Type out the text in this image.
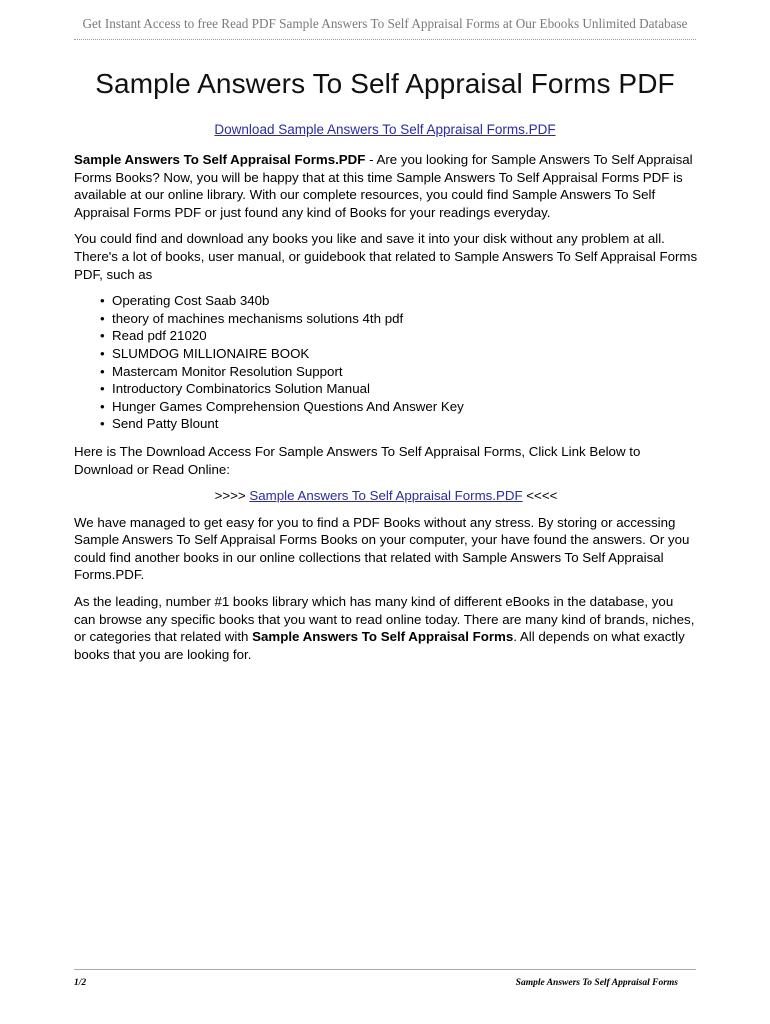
Get Instant Access to free Read PDF Sample Answers To Self Appraisal Forms at Our Ebooks Unlimited Database
Sample Answers To Self Appraisal Forms PDF
Download Sample Answers To Self Appraisal Forms.PDF

Sample Answers To Self Appraisal Forms.PDF - Are you looking for Sample Answers To Self Appraisal Forms Books? Now, you will be happy that at this time Sample Answers To Self Appraisal Forms PDF is available at our online library. With our complete resources, you could find Sample Answers To Self Appraisal Forms PDF or just found any kind of Books for your readings everyday.

You could find and download any books you like and save it into your disk without any problem at all. There's a lot of books, user manual, or guidebook that related to Sample Answers To Self Appraisal Forms PDF, such as

• Operating Cost Saab 340b
• theory of machines mechanisms solutions 4th pdf
• Read pdf 21020
• SLUMDOG MILLIONAIRE BOOK
• Mastercam Monitor Resolution Support
• Introductory Combinatorics Solution Manual
• Hunger Games Comprehension Questions And Answer Key
• Send Patty Blount

Here is The Download Access For Sample Answers To Self Appraisal Forms, Click Link Below to Download or Read Online:

>>>> Sample Answers To Self Appraisal Forms.PDF <<<<

We have managed to get easy for you to find a PDF Books without any stress. By storing or accessing Sample Answers To Self Appraisal Forms Books on your computer, your have found the answers. Or you could find another books in our online collections that related with Sample Answers To Self Appraisal Forms.PDF.

As the leading, number #1 books library which has many kind of different eBooks in the database, you can browse any specific books that you want to read online today. There are many kind of brands, niches, or categories that related with Sample Answers To Self Appraisal Forms. All depends on what exactly books that you are looking for.

1/2	Sample Answers To Self Appraisal Forms
